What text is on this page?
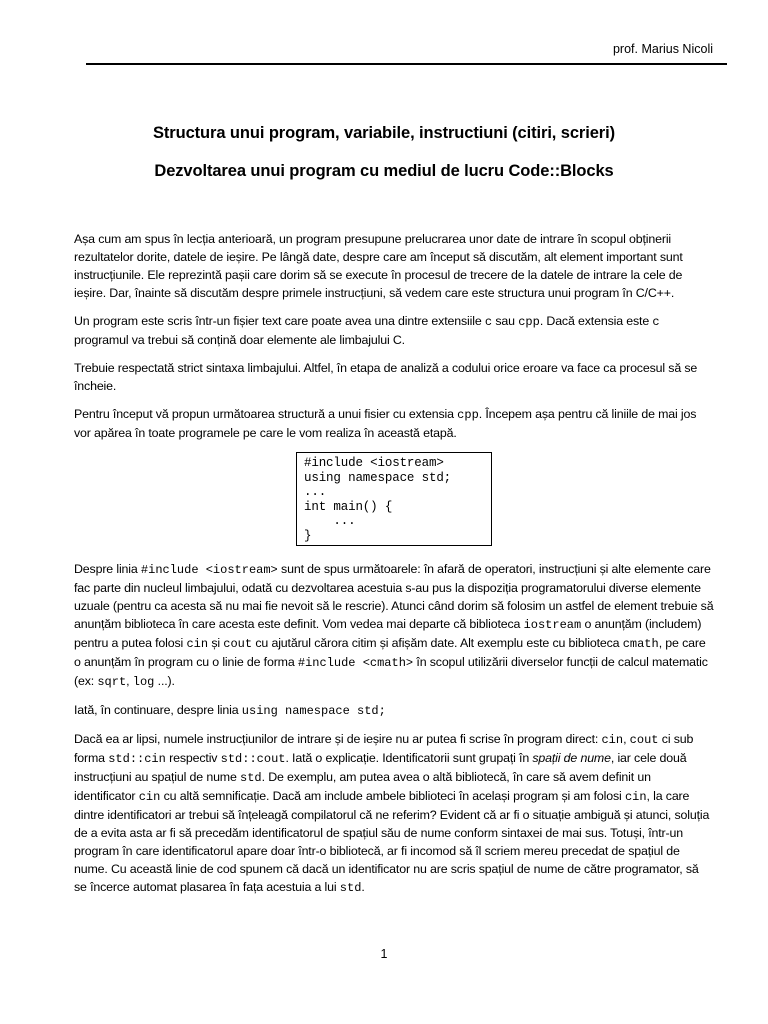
prof. Marius Nicoli
Structura unui program, variabile, instructiuni (citiri, scrieri)
Dezvoltarea unui program cu mediul de lucru Code::Blocks

Așa cum am spus în lecția anterioară, un program presupune prelucrarea unor date de intrare în scopul obținerii rezultatelor dorite, datele de ieșire. Pe lângă date, despre care am început să discutăm, alt element important sunt instrucțiunile. Ele reprezintă pașii care dorim să se execute în procesul de trecere de la datele de intrare la cele de ieșire. Dar, înainte să discutăm despre primele instrucțiuni, să vedem care este structura unui program în C/C++.

Un program este scris într-un fișier text care poate avea una dintre extensiile c sau cpp. Dacă extensia este c programul va trebui să conțină doar elemente ale limbajului C.

Trebuie respectată strict sintaxa limbajului. Altfel, în etapa de analiză a codului orice eroare va face ca procesul să se încheie.

Pentru început vă propun următoarea structură a unui fisier cu extensia cpp. Începem așa pentru că liniile de mai jos vor apărea în toate programele pe care le vom realiza în această etapă.

#include <iostream>
using namespace std;
...
int main() {
...
}

Despre linia #include <iostream> sunt de spus următoarele: în afară de operatori, instrucțiuni și alte elemente care fac parte din nucleul limbajului, odată cu dezvoltarea acestuia s-au pus la dispoziția programatorului diverse elemente uzuale (pentru ca acesta să nu mai fie nevoit să le rescrie). Atunci când dorim să folosim un astfel de element trebuie să anunțăm biblioteca în care acesta este definit. Vom vedea mai departe că biblioteca iostream o anunțăm (includem) pentru a putea folosi cin și cout cu ajutărul cărora citim și afișăm date. Alt exemplu este cu biblioteca cmath, pe care o anunțăm în program cu o linie de forma #include <cmath> în scopul utilizării diverselor funcții de calcul matematic (ex: sqrt, log ...).

Iată, în continuare, despre linia using namespace std;

Dacă ea ar lipsi, numele instrucțiunilor de intrare și de ieșire nu ar putea fi scrise în program direct: cin, cout ci sub forma std::cin respectiv std::cout. Iată o explicație. Identificatorii sunt grupați în spații de nume, iar cele două instrucțiuni au spațiul de nume std. De exemplu, am putea avea o altă bibliotecă, în care să avem definit un identificator cin cu altă semnificație. Dacă am include ambele biblioteci în același program și am folosi cin, la care dintre identificatori ar trebui să înțeleagă compilatorul că ne referim? Evident că ar fi o situație ambiguă și atunci, soluția de a evita asta ar fi să precedăm identificatorul de spațiul său de nume conform sintaxei de mai sus. Totuși, într-un program în care identificatorul apare doar într-o bibliotecă, ar fi incomod să îl scriem mereu precedat de spațiul de nume. Cu această linie de cod spunem că dacă un identificator nu are scris spațiul de nume de către programator, să se încerce automat plasarea în fața acestuia a lui std.

1
